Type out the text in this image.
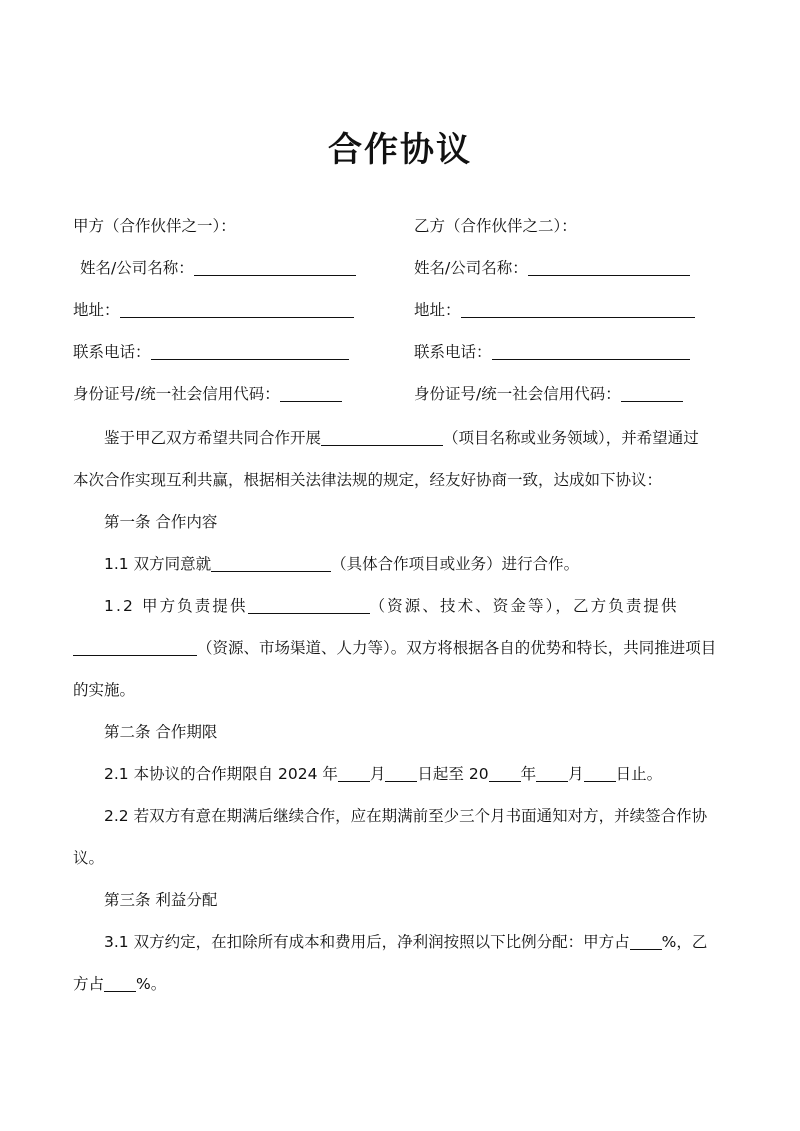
合作协议
甲方（合作伙伴之一）：
姓名/公司名称：
地址：
联系电话：
身份证号/统一社会信用代码：
乙方（合作伙伴之二）：
姓名/公司名称：
地址：
联系电话：
身份证号/统一社会信用代码：
鉴于甲乙双方希望共同合作开展	（项目名称或业务领域），并希望通过
本次合作实现互利共赢，根据相关法律法规的规定，经友好协商一致，达成如下协议：
第一条 合作内容
1.1 双方同意就	（具体合作项目或业务）进行合作。
1.2 甲方负责提供	（资源、技术、资金等），乙方负责提供
（资源、市场渠道、人力等）。双方将根据各自的优势和特长，共同推进项目
的实施。
第二条 合作期限
2.1 本协议的合作期限自 2024 年 月 日起至 20 年 月 日止。
2.2 若双方有意在期满后继续合作，应在期满前至少三个月书面通知对方，并续签合作协
议。
第三条 利益分配
3.1 双方约定，在扣除所有成本和费用后，净利润按照以下比例分配：甲方占 %，乙
方占 %。
